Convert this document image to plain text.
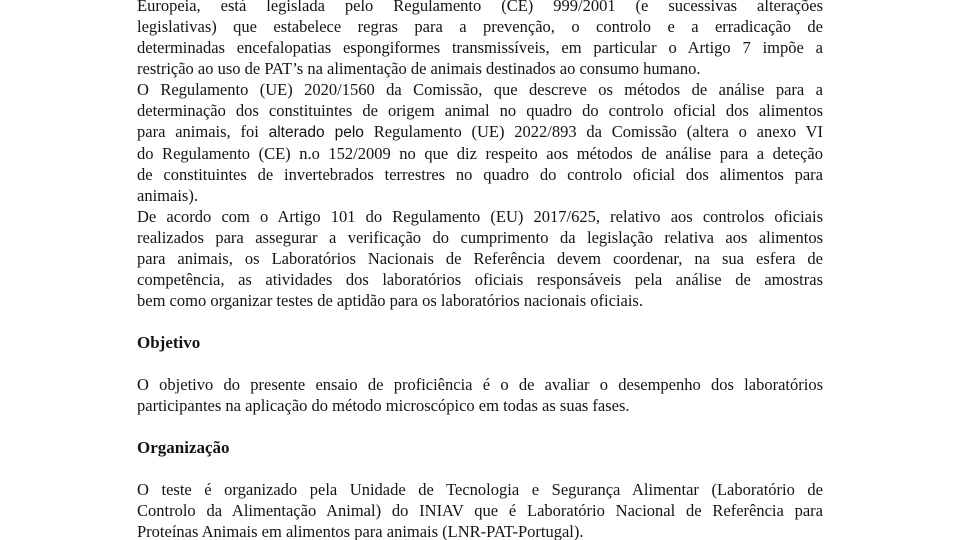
Europeia, está legislada pelo Regulamento (CE) 999/2001 (e sucessivas alterações
legislativas) que estabelece regras para a prevenção, o controlo e a erradicação de
determinadas encefalopatias espongiformes transmissíveis, em particular o Artigo 7 impõe a
restrição ao uso de PAT’s na alimentação de animais destinados ao consumo humano.
O Regulamento (UE) 2020/1560 da Comissão, que descreve os métodos de análise para a
determinação dos constituintes de origem animal no quadro do controlo oficial dos alimentos
para animais, foi alterado pelo Regulamento (UE) 2022/893 da Comissão (altera o anexo VI
do Regulamento (CE) n.o 152/2009 no que diz respeito aos métodos de análise para a deteção
de constituintes de invertebrados terrestres no quadro do controlo oficial dos alimentos para
animais).
De acordo com o Artigo 101 do Regulamento (EU) 2017/625, relativo aos controlos oficiais
realizados para assegurar a verificação do cumprimento da legislação relativa aos alimentos
para animais, os Laboratórios Nacionais de Referência devem coordenar, na sua esfera de
competência, as atividades dos laboratórios oficiais responsáveis pela análise de amostras
bem como organizar testes de aptidão para os laboratórios nacionais oficiais.
Objetivo
O objetivo do presente ensaio de proficiência é o de avaliar o desempenho dos laboratórios
participantes na aplicação do método microscópico em todas as suas fases.
Organização
O teste é organizado pela Unidade de Tecnologia e Segurança Alimentar (Laboratório de
Controlo da Alimentação Animal) do INIAV que é Laboratório Nacional de Referência para
Proteínas Animais em alimentos para animais (LNR-PAT-Portugal).
